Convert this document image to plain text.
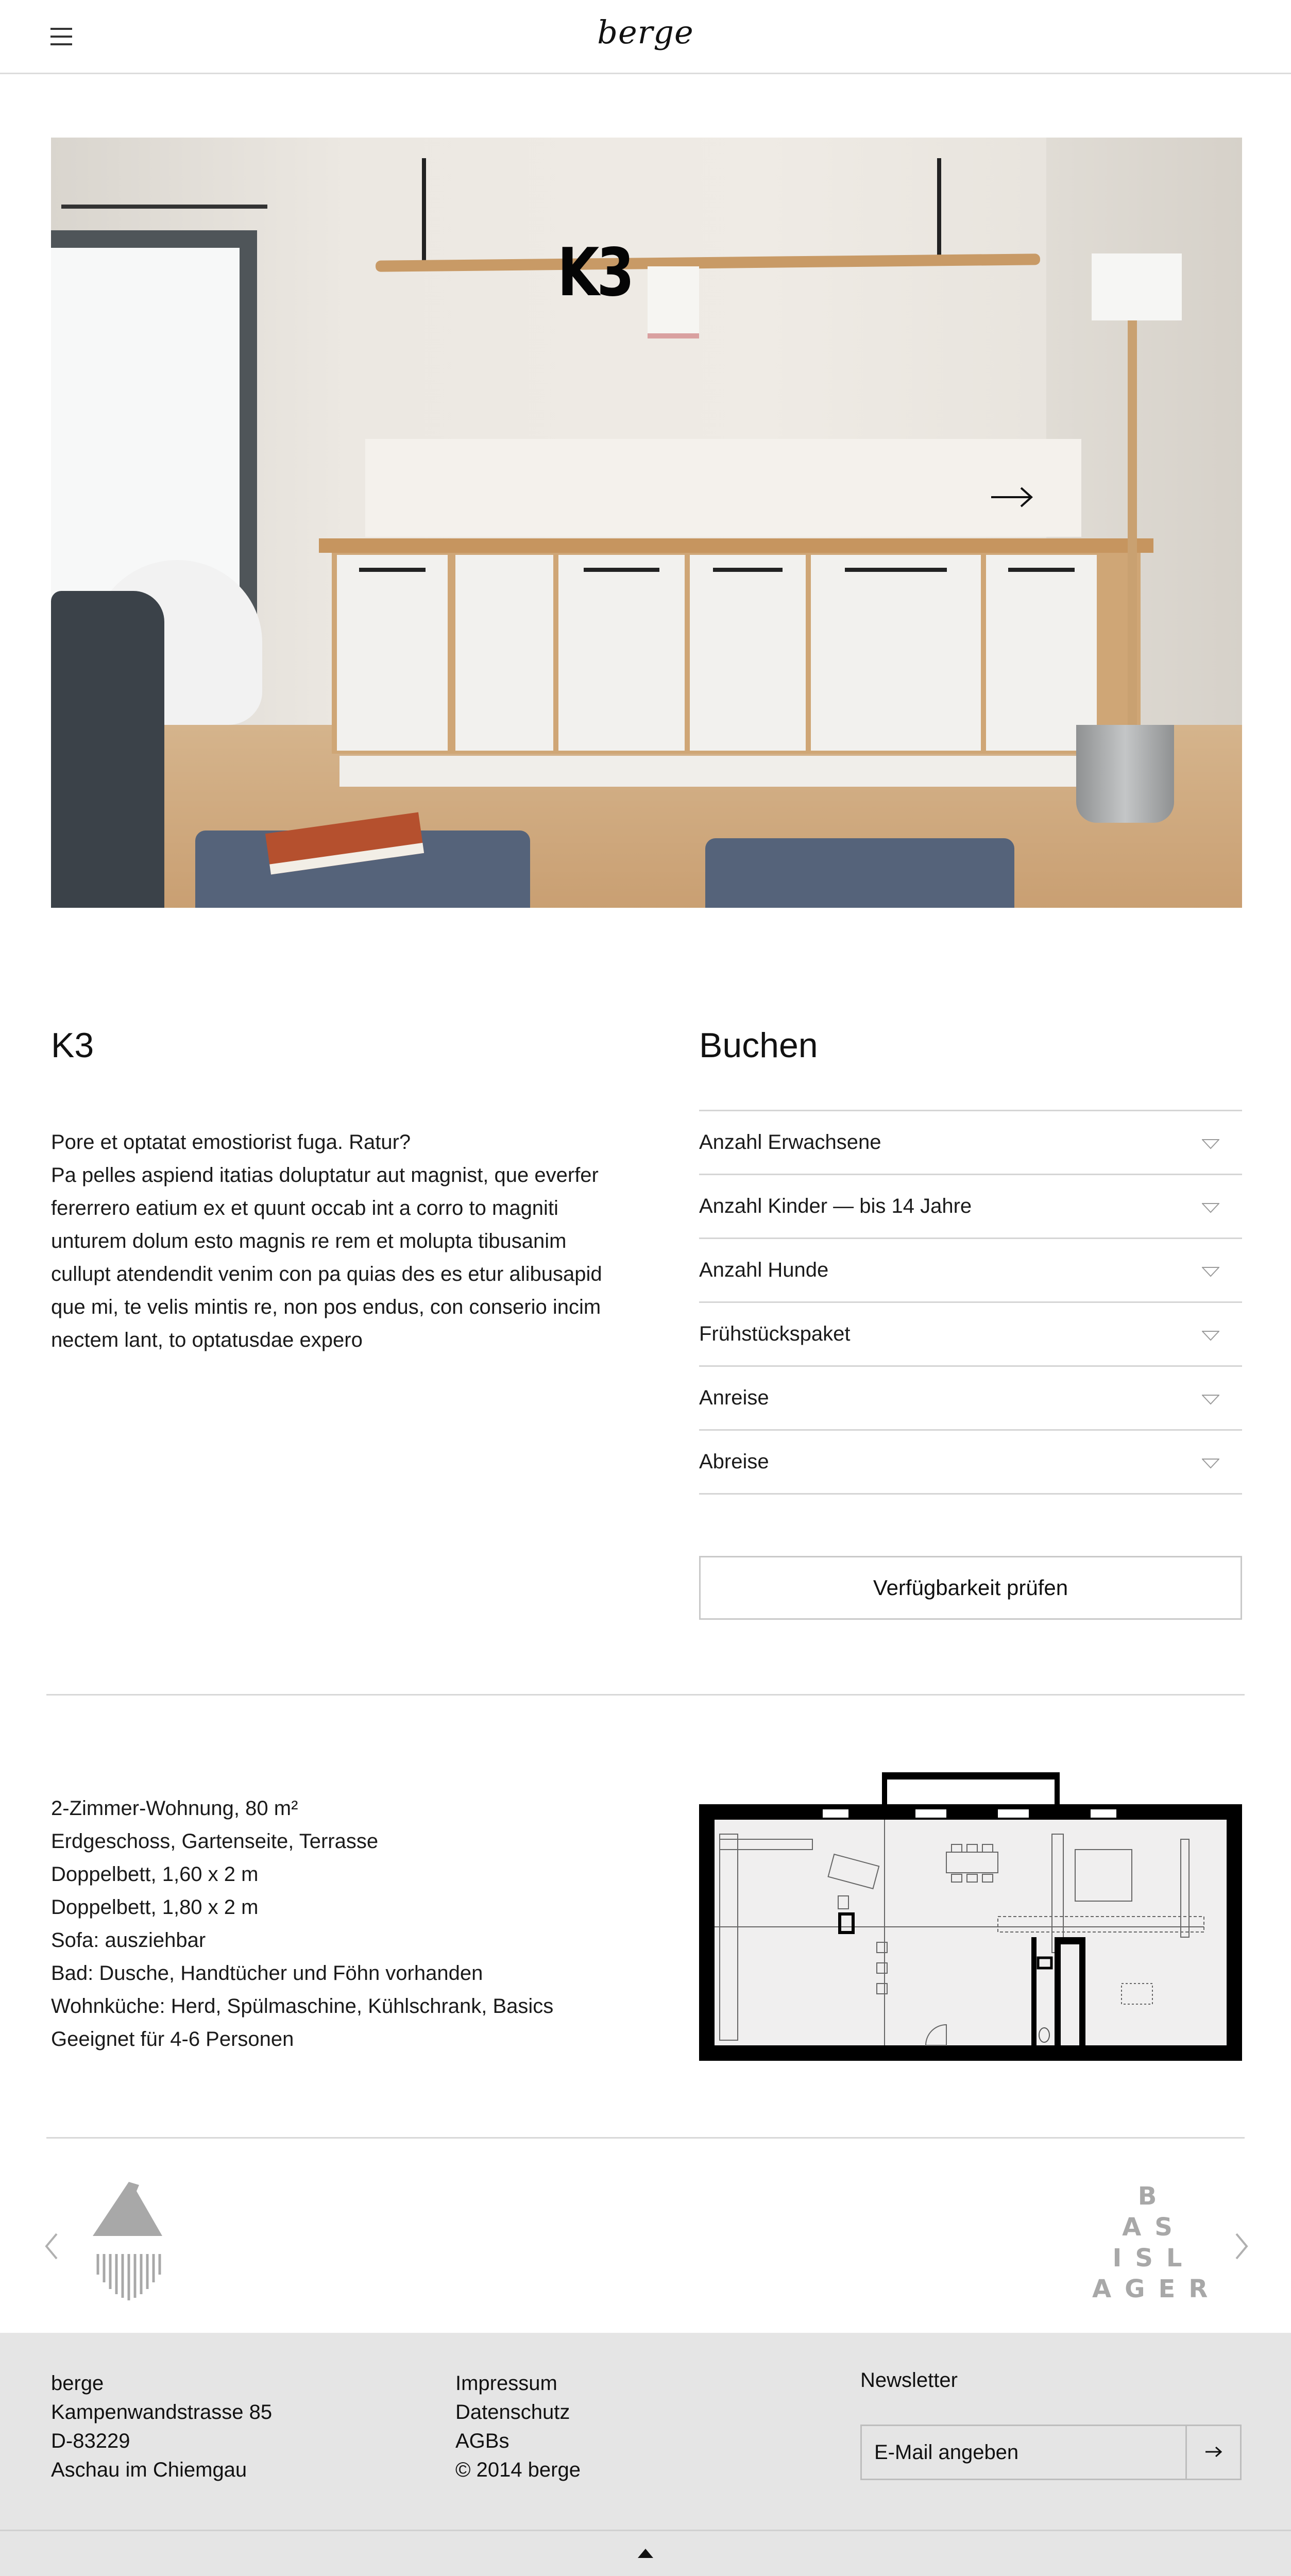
berge
K3
K3	Buchen

Pore et optatat emostiorist fuga. Ratur?
Pa pelles aspiend itatias doluptatur aut magnist, que everfer fererrero eatium ex et quunt occab int a corro to magniti unturem dolum esto magnis re rem et molupta tibusanim cullupt atendendit venim con pa quias des es etur alibusapid que mi, te velis mintis re, non pos endus, con conserio incim nectem lant, to optatusdae expero

Anzahl Erwachsene
Anzahl Kinder — bis 14 Jahre
Anzahl Hunde
Frühstückspaket
Anreise
Abreise
Verfügbarkeit prüfen
2-Zimmer-Wohnung, 80 m²
Erdgeschoss, Gartenseite, Terrasse
Doppelbett, 1,60 x 2 m
Doppelbett, 1,80 x 2 m
Sofa: ausziehbar
Bad: Dusche, Handtücher und Föhn vorhanden
Wohnküche: Herd, Spülmaschine, Kühlschrank, Basics
Geeignet für 4-6 Personen
B
AS
ISL
AGER
berge
Kampenwandstrasse 85
D-83229
Aschau im Chiemgau
Impressum
Datenschutz
AGBs
© 2014 berge
Newsletter
E-Mail angeben
